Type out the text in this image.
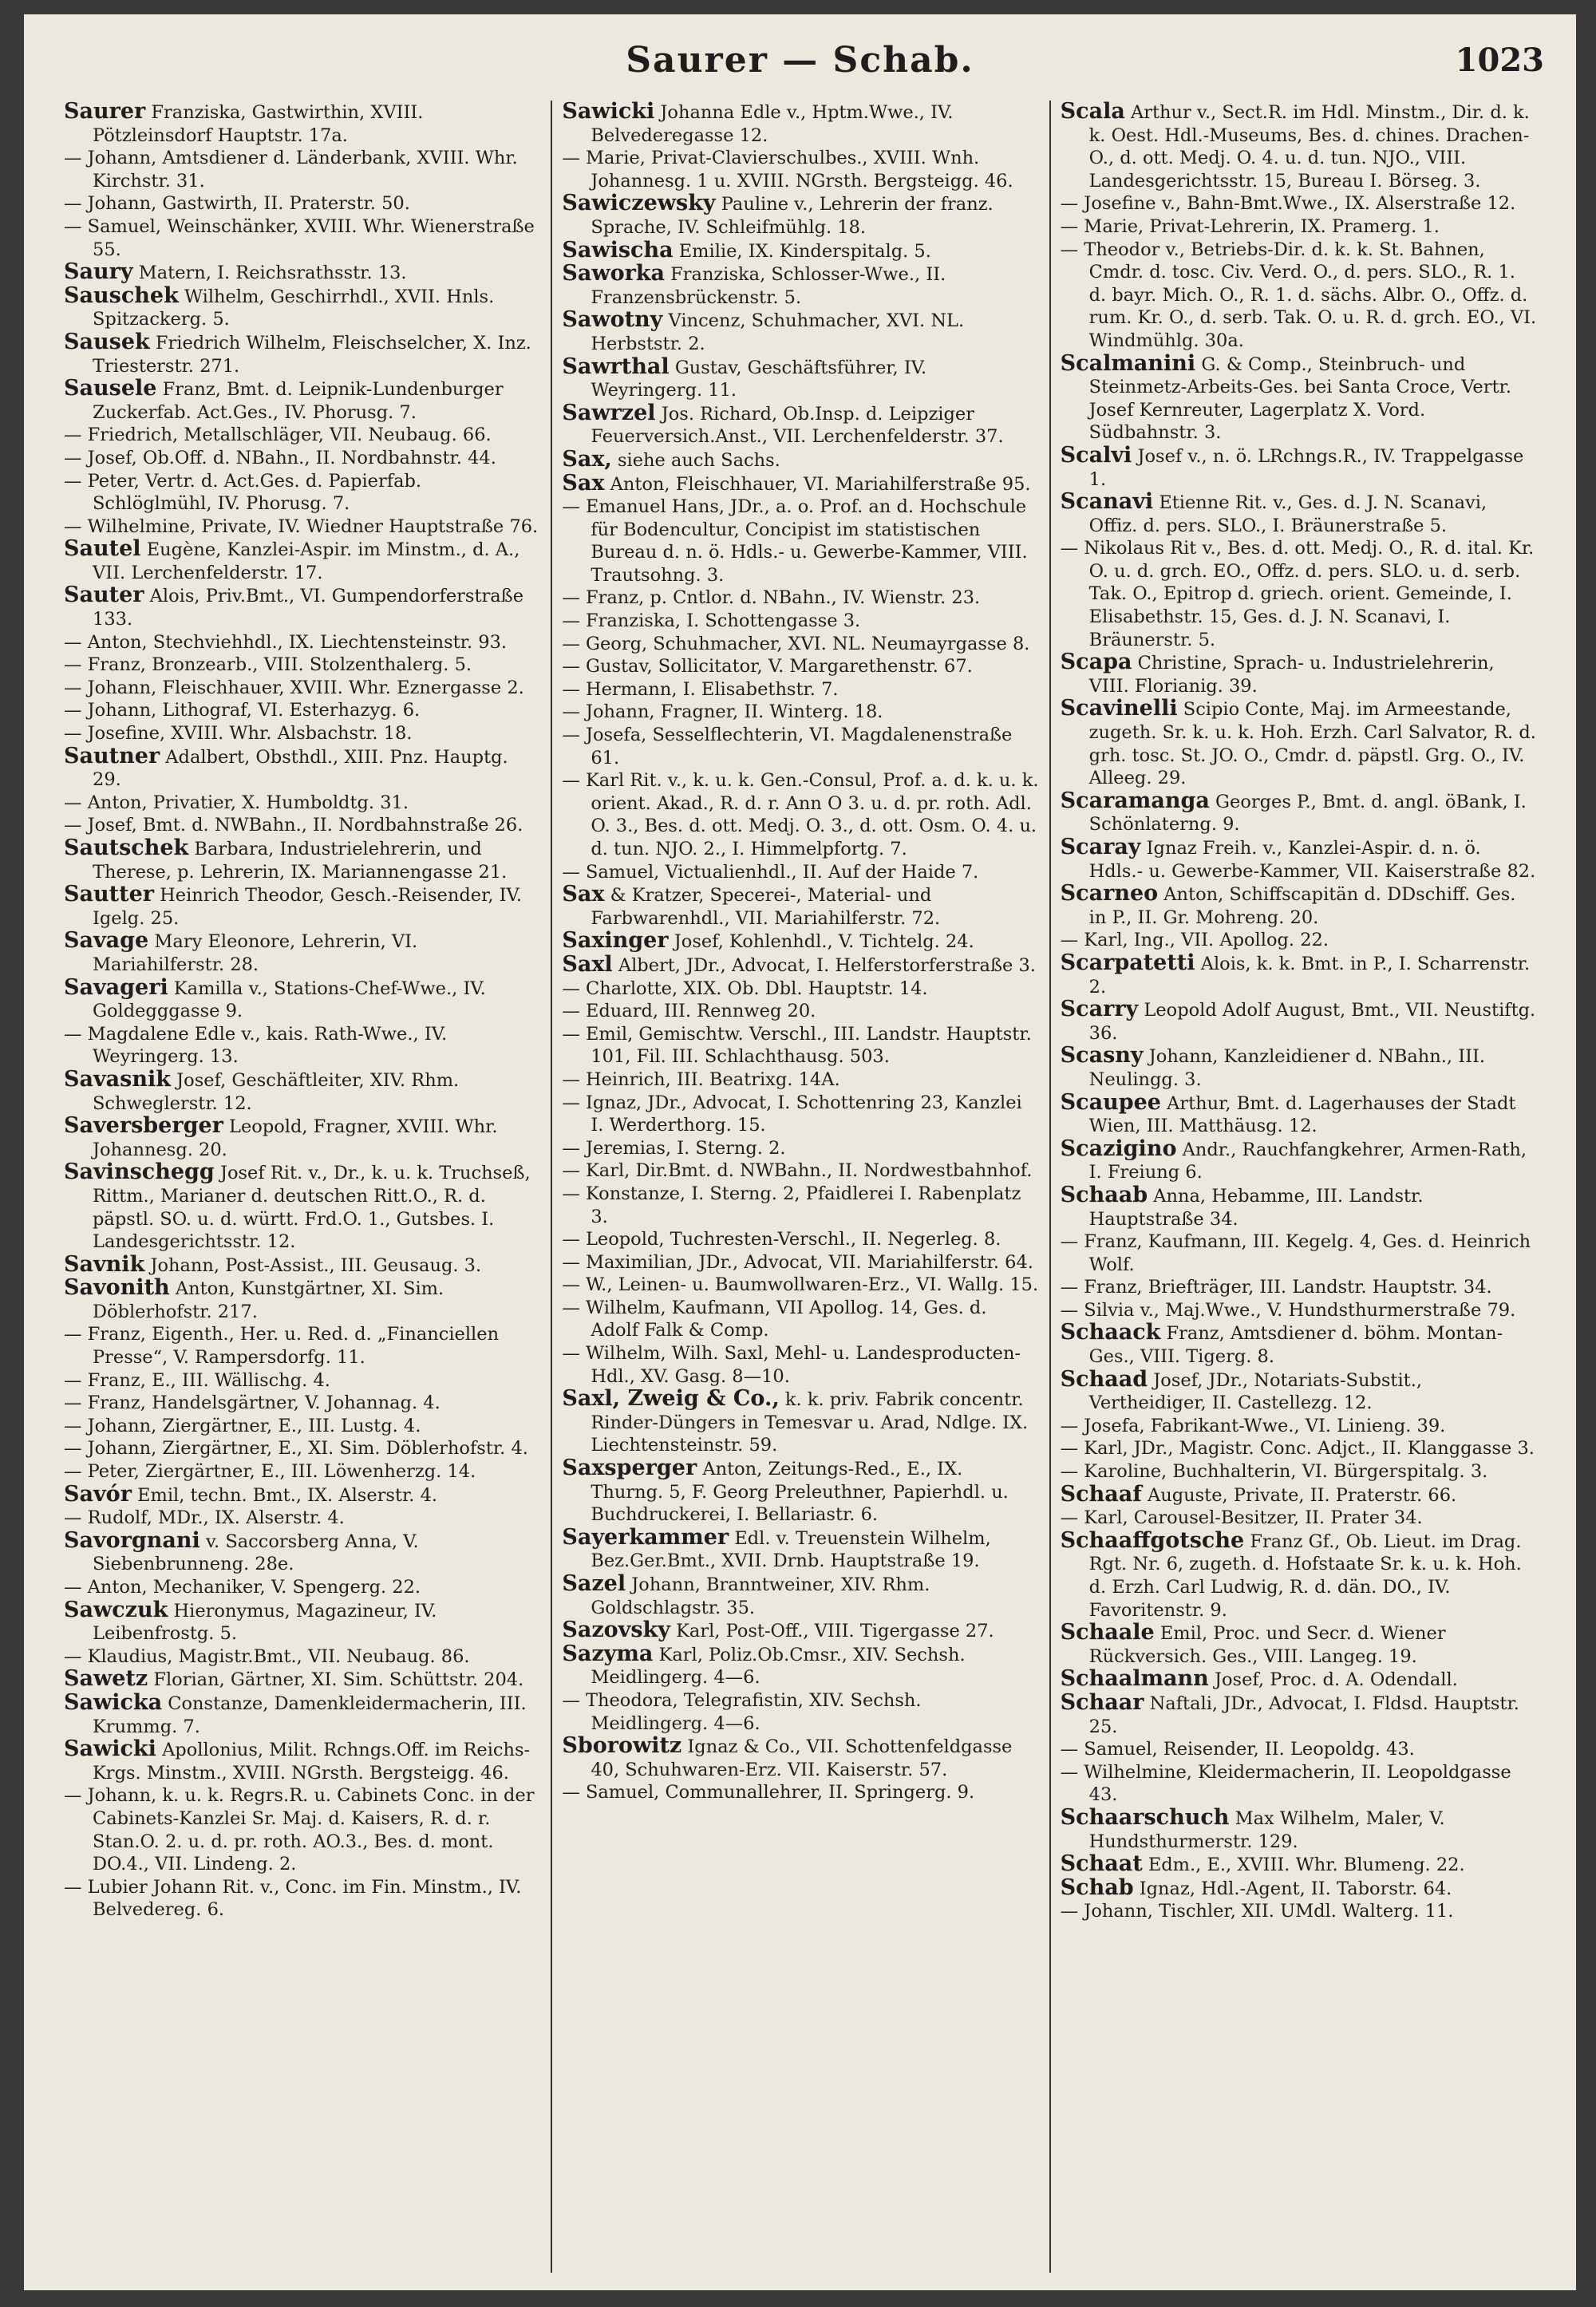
Saurer — Schab.	1023

Saurer Franziska, Gastwirthin, XVIII. Pötzleinsdorf Hauptstr. 17a.

— Johann, Amtsdiener d. Länderbank, XVIII. Whr. Kirchstr. 31.

— Johann, Gastwirth, II. Praterstr. 50.

— Samuel, Weinschänker, XVIII. Whr. Wienerstraße 55.

Saury Matern, I. Reichsrathsstr. 13.

Sauschek Wilhelm, Geschirrhdl., XVII. Hnls. Spitzackerg. 5.

Sausek Friedrich Wilhelm, Fleischselcher, X. Inz. Triesterstr. 271.

Sausele Franz, Bmt. d. Leipnik-Lundenburger Zuckerfab. Act.Ges., IV. Phorusg. 7.

— Friedrich, Metallschläger, VII. Neubaug. 66.

— Josef, Ob.Off. d. NBahn., II. Nordbahnstr. 44.

— Peter, Vertr. d. Act.Ges. d. Papierfab. Schlöglmühl, IV. Phorusg. 7.

— Wilhelmine, Private, IV. Wiedner Hauptstraße 76.

Sautel Eugène, Kanzlei-Aspir. im Minstm., d. A., VII. Lerchenfelderstr. 17.

Sauter Alois, Priv.Bmt., VI. Gumpendorferstraße 133.

— Anton, Stechviehhdl., IX. Liechtensteinstr. 93.

— Franz, Bronzearb., VIII. Stolzenthalerg. 5.

— Johann, Fleischhauer, XVIII. Whr. Eznergasse 2.

— Johann, Lithograf, VI. Esterhazyg. 6.

— Josefine, XVIII. Whr. Alsbachstr. 18.

Sautner Adalbert, Obsthdl., XIII. Pnz. Hauptg. 29.

— Anton, Privatier, X. Humboldtg. 31.

— Josef, Bmt. d. NWBahn., II. Nordbahnstraße 26.

Sautschek Barbara, Industrielehrerin, und Therese, p. Lehrerin, IX. Mariannengasse 21.

Sautter Heinrich Theodor, Gesch.-Reisender, IV. Igelg. 25.

Savage Mary Eleonore, Lehrerin, VI. Mariahilferstr. 28.

Savageri Kamilla v., Stations-Chef-Wwe., IV. Goldegggasse 9.

— Magdalene Edle v., kais. Rath-Wwe., IV. Weyringerg. 13.

Savasnik Josef, Geschäftleiter, XIV. Rhm. Schweglerstr. 12.

Saversberger Leopold, Fragner, XVIII. Whr. Johannesg. 20.

Savinschegg Josef Rit. v., Dr., k. u. k. Truchseß, Rittm., Marianer d. deutschen Ritt.O., R. d. päpstl. SO. u. d. württ. Frd.O. 1., Gutsbes. I. Landesgerichtsstr. 12.

Savnik Johann, Post-Assist., III. Geusaug. 3.

Savonith Anton, Kunstgärtner, XI. Sim. Döblerhofstr. 217.

— Franz, Eigenth., Her. u. Red. d. „Financiellen Presse“, V. Rampersdorfg. 11.

— Franz, E., III. Wällischg. 4.

— Franz, Handelsgärtner, V. Johannag. 4.

— Johann, Ziergärtner, E., III. Lustg. 4.

— Johann, Ziergärtner, E., XI. Sim. Döblerhofstr. 4.

— Peter, Ziergärtner, E., III. Löwenherzg. 14.

Savór Emil, techn. Bmt., IX. Alserstr. 4.

— Rudolf, MDr., IX. Alserstr. 4.

Savorgnani v. Saccorsberg Anna, V. Siebenbrunneng. 28e.

— Anton, Mechaniker, V. Spengerg. 22.

Sawczuk Hieronymus, Magazineur, IV. Leibenfrostg. 5.

— Klaudius, Magistr.Bmt., VII. Neubaug. 86.

Sawetz Florian, Gärtner, XI. Sim. Schüttstr. 204.

Sawicka Constanze, Damenkleidermacherin, III. Krummg. 7.

Sawicki Apollonius, Milit. Rchngs.Off. im Reichs-Krgs. Minstm., XVIII. NGrsth. Bergsteigg. 46.

— Johann, k. u. k. Regrs.R. u. Cabinets Conc. in der Cabinets-Kanzlei Sr. Maj. d. Kaisers, R. d. r. Stan.O. 2. u. d. pr. roth. AO.3., Bes. d. mont. DO.4., VII. Lindeng. 2.

— Lubier Johann Rit. v., Conc. im Fin. Minstm., IV. Belvedereg. 6.

Sawicki Johanna Edle v., Hptm.Wwe., IV. Belvederegasse 12.

— Marie, Privat-Clavierschulbes., XVIII. Wnh. Johannesg. 1 u. XVIII. NGrsth. Bergsteigg. 46.

Sawiczewsky Pauline v., Lehrerin der franz. Sprache, IV. Schleifmühlg. 18.

Sawischa Emilie, IX. Kinderspitalg. 5.

Saworka Franziska, Schlosser-Wwe., II. Franzensbrückenstr. 5.

Sawotny Vincenz, Schuhmacher, XVI. NL. Herbststr. 2.

Sawrthal Gustav, Geschäftsführer, IV. Weyringerg. 11.

Sawrzel Jos. Richard, Ob.Insp. d. Leipziger Feuerversich.Anst., VII. Lerchenfelderstr. 37.

Sax, siehe auch Sachs.

Sax Anton, Fleischhauer, VI. Mariahilferstraße 95.

— Emanuel Hans, JDr., a. o. Prof. an d. Hochschule für Bodencultur, Concipist im statistischen Bureau d. n. ö. Hdls.- u. Gewerbe-Kammer, VIII. Trautsohng. 3.

— Franz, p. Cntlor. d. NBahn., IV. Wienstr. 23.

— Franziska, I. Schottengasse 3.

— Georg, Schuhmacher, XVI. NL. Neumayrgasse 8.

— Gustav, Sollicitator, V. Margarethenstr. 67.

— Hermann, I. Elisabethstr. 7.

— Johann, Fragner, II. Winterg. 18.

— Josefa, Sesselflechterin, VI. Magdalenenstraße 61.

— Karl Rit. v., k. u. k. Gen.-Consul, Prof. a. d. k. u. k. orient. Akad., R. d. r. Ann O 3. u. d. pr. roth. Adl. O. 3., Bes. d. ott. Medj. O. 3., d. ott. Osm. O. 4. u. d. tun. NJO. 2., I. Himmelpfortg. 7.

— Samuel, Victualienhdl., II. Auf der Haide 7.

Sax & Kratzer, Specerei-, Material- und Farbwarenhdl., VII. Mariahilferstr. 72.

Saxinger Josef, Kohlenhdl., V. Tichtelg. 24.

Saxl Albert, JDr., Advocat, I. Helferstorferstraße 3.

— Charlotte, XIX. Ob. Dbl. Hauptstr. 14.

— Eduard, III. Rennweg 20.

— Emil, Gemischtw. Verschl., III. Landstr. Hauptstr. 101, Fil. III. Schlachthausg. 503.

— Heinrich, III. Beatrixg. 14A.

— Ignaz, JDr., Advocat, I. Schottenring 23, Kanzlei I. Werderthorg. 15.

— Jeremias, I. Sterng. 2.

— Karl, Dir.Bmt. d. NWBahn., II. Nordwestbahnhof.

— Konstanze, I. Sterng. 2, Pfaidlerei I. Rabenplatz 3.

— Leopold, Tuchresten-Verschl., II. Negerleg. 8.

— Maximilian, JDr., Advocat, VII. Mariahilferstr. 64.

— W., Leinen- u. Baumwollwaren-Erz., VI. Wallg. 15.

— Wilhelm, Kaufmann, VII Apollog. 14, Ges. d. Adolf Falk & Comp.

— Wilhelm, Wilh. Saxl, Mehl- u. Landesproducten-Hdl., XV. Gasg. 8—10.

Saxl, Zweig & Co., k. k. priv. Fabrik concentr. Rinder-Düngers in Temesvar u. Arad, Ndlge. IX. Liechtensteinstr. 59.

Saxsperger Anton, Zeitungs-Red., E., IX. Thurng. 5, F. Georg Preleuthner, Papierhdl. u. Buchdruckerei, I. Bellariastr. 6.

Sayerkammer Edl. v. Treuenstein Wilhelm, Bez.Ger.Bmt., XVII. Drnb. Hauptstraße 19.

Sazel Johann, Branntweiner, XIV. Rhm. Goldschlagstr. 35.

Sazovsky Karl, Post-Off., VIII. Tigergasse 27.

Sazyma Karl, Poliz.Ob.Cmsr., XIV. Sechsh. Meidlingerg. 4—6.

— Theodora, Telegrafistin, XIV. Sechsh. Meidlingerg. 4—6.

Sborowitz Ignaz & Co., VII. Schottenfeldgasse 40, Schuhwaren-Erz. VII. Kaiserstr. 57.

— Samuel, Communallehrer, II. Springerg. 9.

Scala Arthur v., Sect.R. im Hdl. Minstm., Dir. d. k. k. Oest. Hdl.-Museums, Bes. d. chines. Drachen-O., d. ott. Medj. O. 4. u. d. tun. NJO., VIII. Landesgerichtsstr. 15, Bureau I. Börseg. 3.

— Josefine v., Bahn-Bmt.Wwe., IX. Alserstraße 12.

— Marie, Privat-Lehrerin, IX. Pramerg. 1.

— Theodor v., Betriebs-Dir. d. k. k. St. Bahnen, Cmdr. d. tosc. Civ. Verd. O., d. pers. SLO., R. 1. d. bayr. Mich. O., R. 1. d. sächs. Albr. O., Offz. d. rum. Kr. O., d. serb. Tak. O. u. R. d. grch. EO., VI. Windmühlg. 30a.

Scalmanini G. & Comp., Steinbruch- und Steinmetz-Arbeits-Ges. bei Santa Croce, Vertr. Josef Kernreuter, Lagerplatz X. Vord. Südbahnstr. 3.

Scalvi Josef v., n. ö. LRchngs.R., IV. Trappelgasse 1.

Scanavi Etienne Rit. v., Ges. d. J. N. Scanavi, Offiz. d. pers. SLO., I. Bräunerstraße 5.

— Nikolaus Rit v., Bes. d. ott. Medj. O., R. d. ital. Kr. O. u. d. grch. EO., Offz. d. pers. SLO. u. d. serb. Tak. O., Epitrop d. griech. orient. Gemeinde, I. Elisabethstr. 15, Ges. d. J. N. Scanavi, I. Bräunerstr. 5.

Scapa Christine, Sprach- u. Industrielehrerin, VIII. Florianig. 39.

Scavinelli Scipio Conte, Maj. im Armeestande, zugeth. Sr. k. u. k. Hoh. Erzh. Carl Salvator, R. d. grh. tosc. St. JO. O., Cmdr. d. päpstl. Grg. O., IV. Alleeg. 29.

Scaramanga Georges P., Bmt. d. angl. öBank, I. Schönlaterng. 9.

Scaray Ignaz Freih. v., Kanzlei-Aspir. d. n. ö. Hdls.- u. Gewerbe-Kammer, VII. Kaiserstraße 82.

Scarneo Anton, Schiffscapitän d. DDschiff. Ges. in P., II. Gr. Mohreng. 20.

— Karl, Ing., VII. Apollog. 22.

Scarpatetti Alois, k. k. Bmt. in P., I. Scharrenstr. 2.

Scarry Leopold Adolf August, Bmt., VII. Neustiftg. 36.

Scasny Johann, Kanzleidiener d. NBahn., III. Neulingg. 3.

Scaupee Arthur, Bmt. d. Lagerhauses der Stadt Wien, III. Matthäusg. 12.

Scazigino Andr., Rauchfangkehrer, Armen-Rath, I. Freiung 6.

Schaab Anna, Hebamme, III. Landstr. Hauptstraße 34.

— Franz, Kaufmann, III. Kegelg. 4, Ges. d. Heinrich Wolf.

— Franz, Briefträger, III. Landstr. Hauptstr. 34.

— Silvia v., Maj.Wwe., V. Hundsthurmerstraße 79.

Schaack Franz, Amtsdiener d. böhm. Montan-Ges., VIII. Tigerg. 8.

Schaad Josef, JDr., Notariats-Substit., Vertheidiger, II. Castellezg. 12.

— Josefa, Fabrikant-Wwe., VI. Linieng. 39.

— Karl, JDr., Magistr. Conc. Adjct., II. Klanggasse 3.

— Karoline, Buchhalterin, VI. Bürgerspitalg. 3.

Schaaf Auguste, Private, II. Praterstr. 66.

— Karl, Carousel-Besitzer, II. Prater 34.

Schaaffgotsche Franz Gf., Ob. Lieut. im Drag. Rgt. Nr. 6, zugeth. d. Hofstaate Sr. k. u. k. Hoh. d. Erzh. Carl Ludwig, R. d. dän. DO., IV. Favoritenstr. 9.

Schaale Emil, Proc. und Secr. d. Wiener Rückversich. Ges., VIII. Langeg. 19.

Schaalmann Josef, Proc. d. A. Odendall.

Schaar Naftali, JDr., Advocat, I. Fldsd. Hauptstr. 25.

— Samuel, Reisender, II. Leopoldg. 43.

— Wilhelmine, Kleidermacherin, II. Leopoldgasse 43.

Schaarschuch Max Wilhelm, Maler, V. Hundsthurmerstr. 129.

Schaat Edm., E., XVIII. Whr. Blumeng. 22.

Schab Ignaz, Hdl.-Agent, II. Taborstr. 64.

— Johann, Tischler, XII. UMdl. Walterg. 11.
